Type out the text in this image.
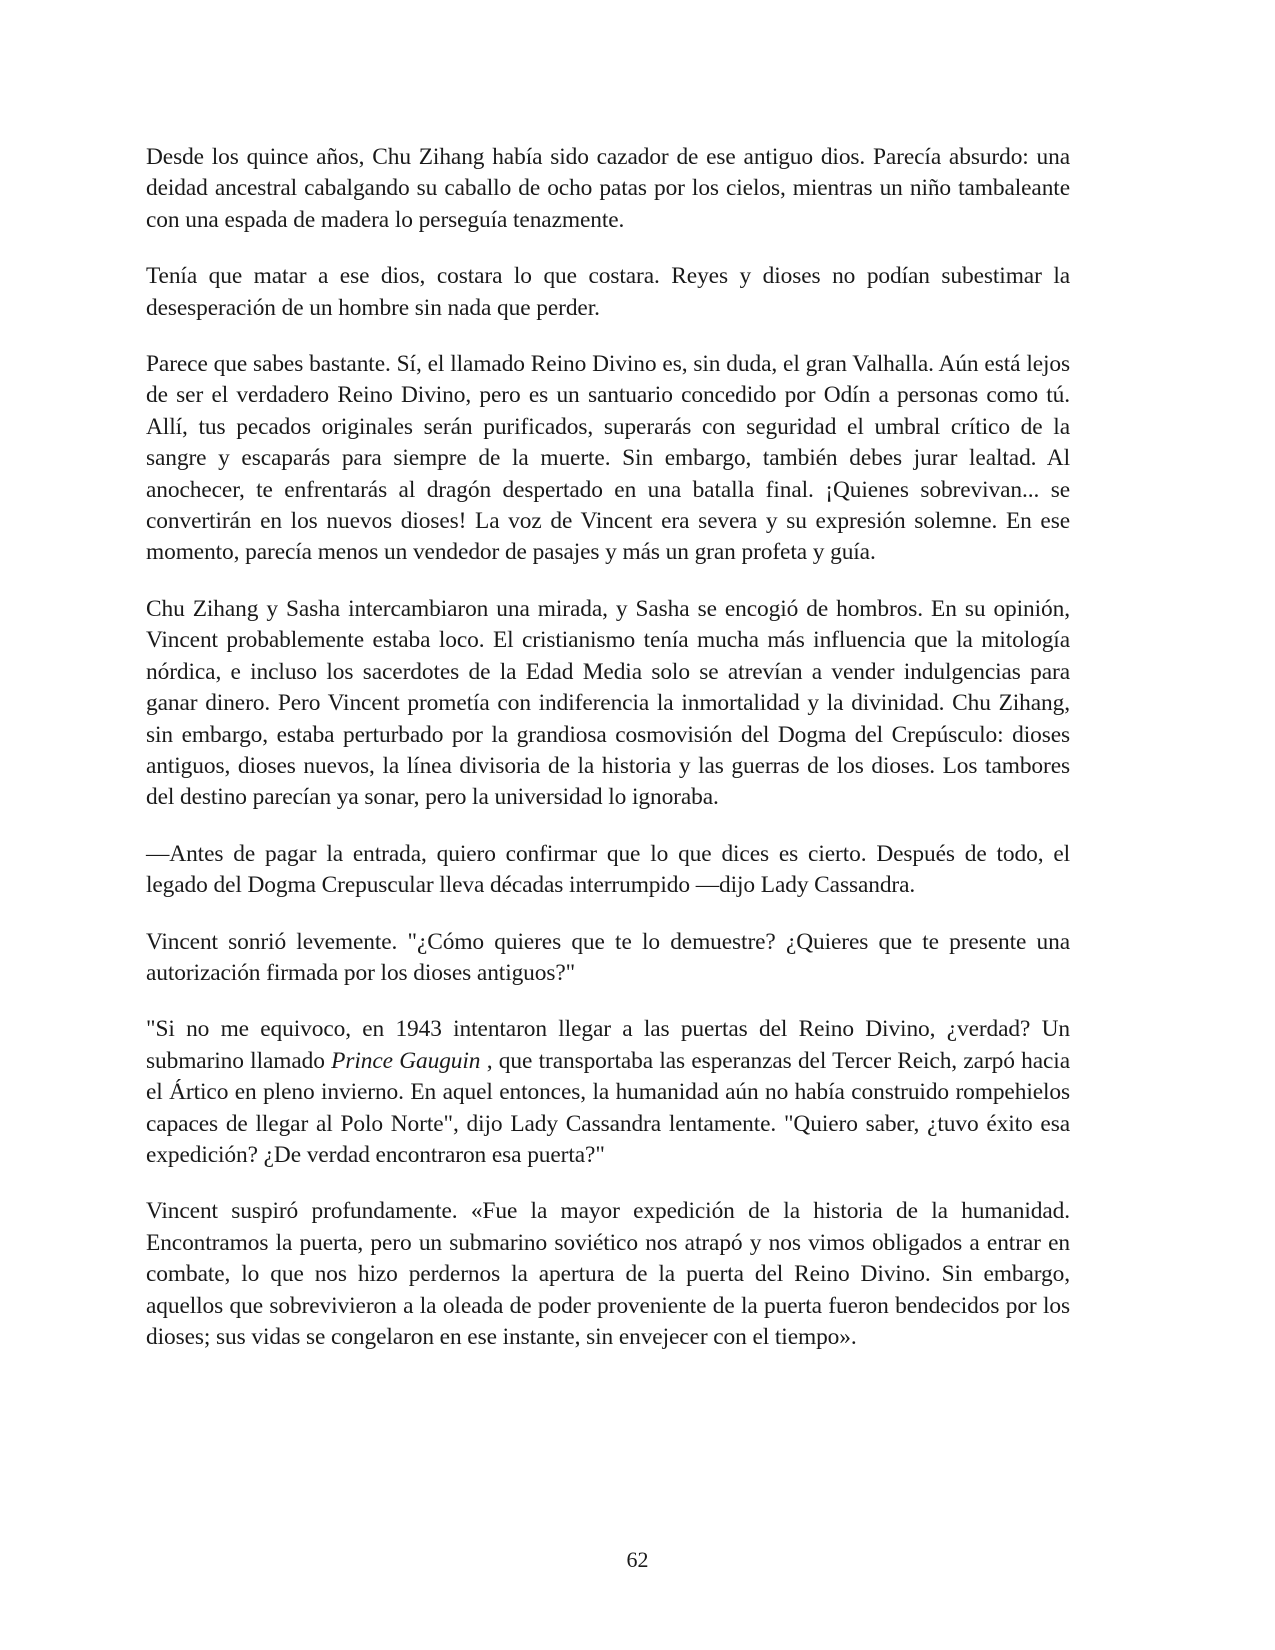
Desde los quince años, Chu Zihang había sido cazador de ese antiguo dios. Parecía absurdo: una deidad ancestral cabalgando su caballo de ocho patas por los cielos, mientras un niño tambaleante con una espada de madera lo perseguía tenazmente.

Tenía que matar a ese dios, costara lo que costara. Reyes y dioses no podían subestimar la desesperación de un hombre sin nada que perder.

Parece que sabes bastante. Sí, el llamado Reino Divino es, sin duda, el gran Valhalla. Aún está lejos de ser el verdadero Reino Divino, pero es un santuario concedido por Odín a personas como tú. Allí, tus pecados originales serán purificados, superarás con seguridad el umbral crítico de la sangre y escaparás para siempre de la muerte. Sin embargo, también debes jurar lealtad. Al anochecer, te enfrentarás al dragón despertado en una batalla final. ¡Quienes sobrevivan... se convertirán en los nuevos dioses! La voz de Vincent era severa y su expresión solemne. En ese momento, parecía menos un vendedor de pasajes y más un gran profeta y guía.

Chu Zihang y Sasha intercambiaron una mirada, y Sasha se encogió de hombros. En su opinión, Vincent probablemente estaba loco. El cristianismo tenía mucha más influencia que la mitología nórdica, e incluso los sacerdotes de la Edad Media solo se atrevían a vender indulgencias para ganar dinero. Pero Vincent prometía con indiferencia la inmortalidad y la divinidad. Chu Zihang, sin embargo, estaba perturbado por la grandiosa cosmovisión del Dogma del Crepúsculo: dioses antiguos, dioses nuevos, la línea divisoria de la historia y las guerras de los dioses. Los tambores del destino parecían ya sonar, pero la universidad lo ignoraba.

—Antes de pagar la entrada, quiero confirmar que lo que dices es cierto. Después de todo, el legado del Dogma Crepuscular lleva décadas interrumpido —dijo Lady Cassandra.

Vincent sonrió levemente. "¿Cómo quieres que te lo demuestre? ¿Quieres que te presente una autorización firmada por los dioses antiguos?"

"Si no me equivoco, en 1943 intentaron llegar a las puertas del Reino Divino, ¿verdad? Un submarino llamado Prince Gauguin , que transportaba las esperanzas del Tercer Reich, zarpó hacia el Ártico en pleno invierno. En aquel entonces, la humanidad aún no había construido rompehielos capaces de llegar al Polo Norte", dijo Lady Cassandra lentamente. "Quiero saber, ¿tuvo éxito esa expedición? ¿De verdad encontraron esa puerta?"

Vincent suspiró profundamente. «Fue la mayor expedición de la historia de la humanidad. Encontramos la puerta, pero un submarino soviético nos atrapó y nos vimos obligados a entrar en combate, lo que nos hizo perdernos la apertura de la puerta del Reino Divino. Sin embargo, aquellos que sobrevivieron a la oleada de poder proveniente de la puerta fueron bendecidos por los dioses; sus vidas se congelaron en ese instante, sin envejecer con el tiempo».

62
